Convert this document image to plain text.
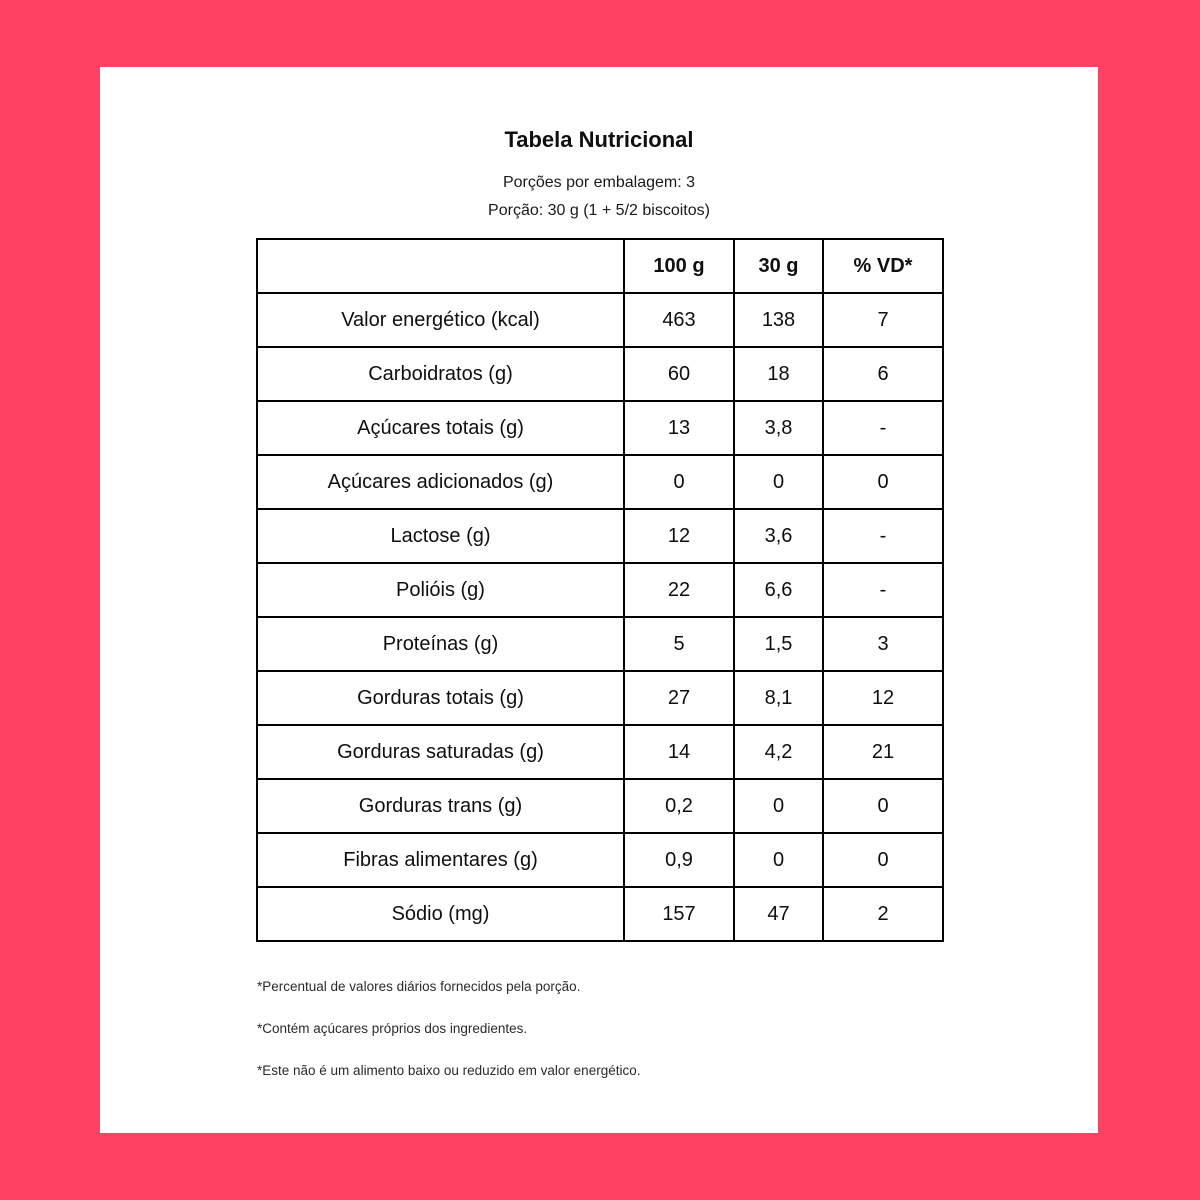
Tabela Nutricional
Porções por embalagem: 3
Porção: 30 g (1 + 5/2 biscoitos)
	100 g	30 g	% VD*
Valor energético (kcal)	463	138	7
Carboidratos (g)	60	18	6
Açúcares totais (g)	13	3,8	-
Açúcares adicionados (g)	0	0	0
Lactose (g)	12	3,6	-
Polióis (g)	22	6,6	-
Proteínas (g)	5	1,5	3
Gorduras totais (g)	27	8,1	12
Gorduras saturadas (g)	14	4,2	21
Gorduras trans (g)	0,2	0	0
Fibras alimentares (g)	0,9	0	0
Sódio (mg)	157	47	2

*Percentual de valores diários fornecidos pela porção.

*Contém açúcares próprios dos ingredientes.

*Este não é um alimento baixo ou reduzido em valor energético.
